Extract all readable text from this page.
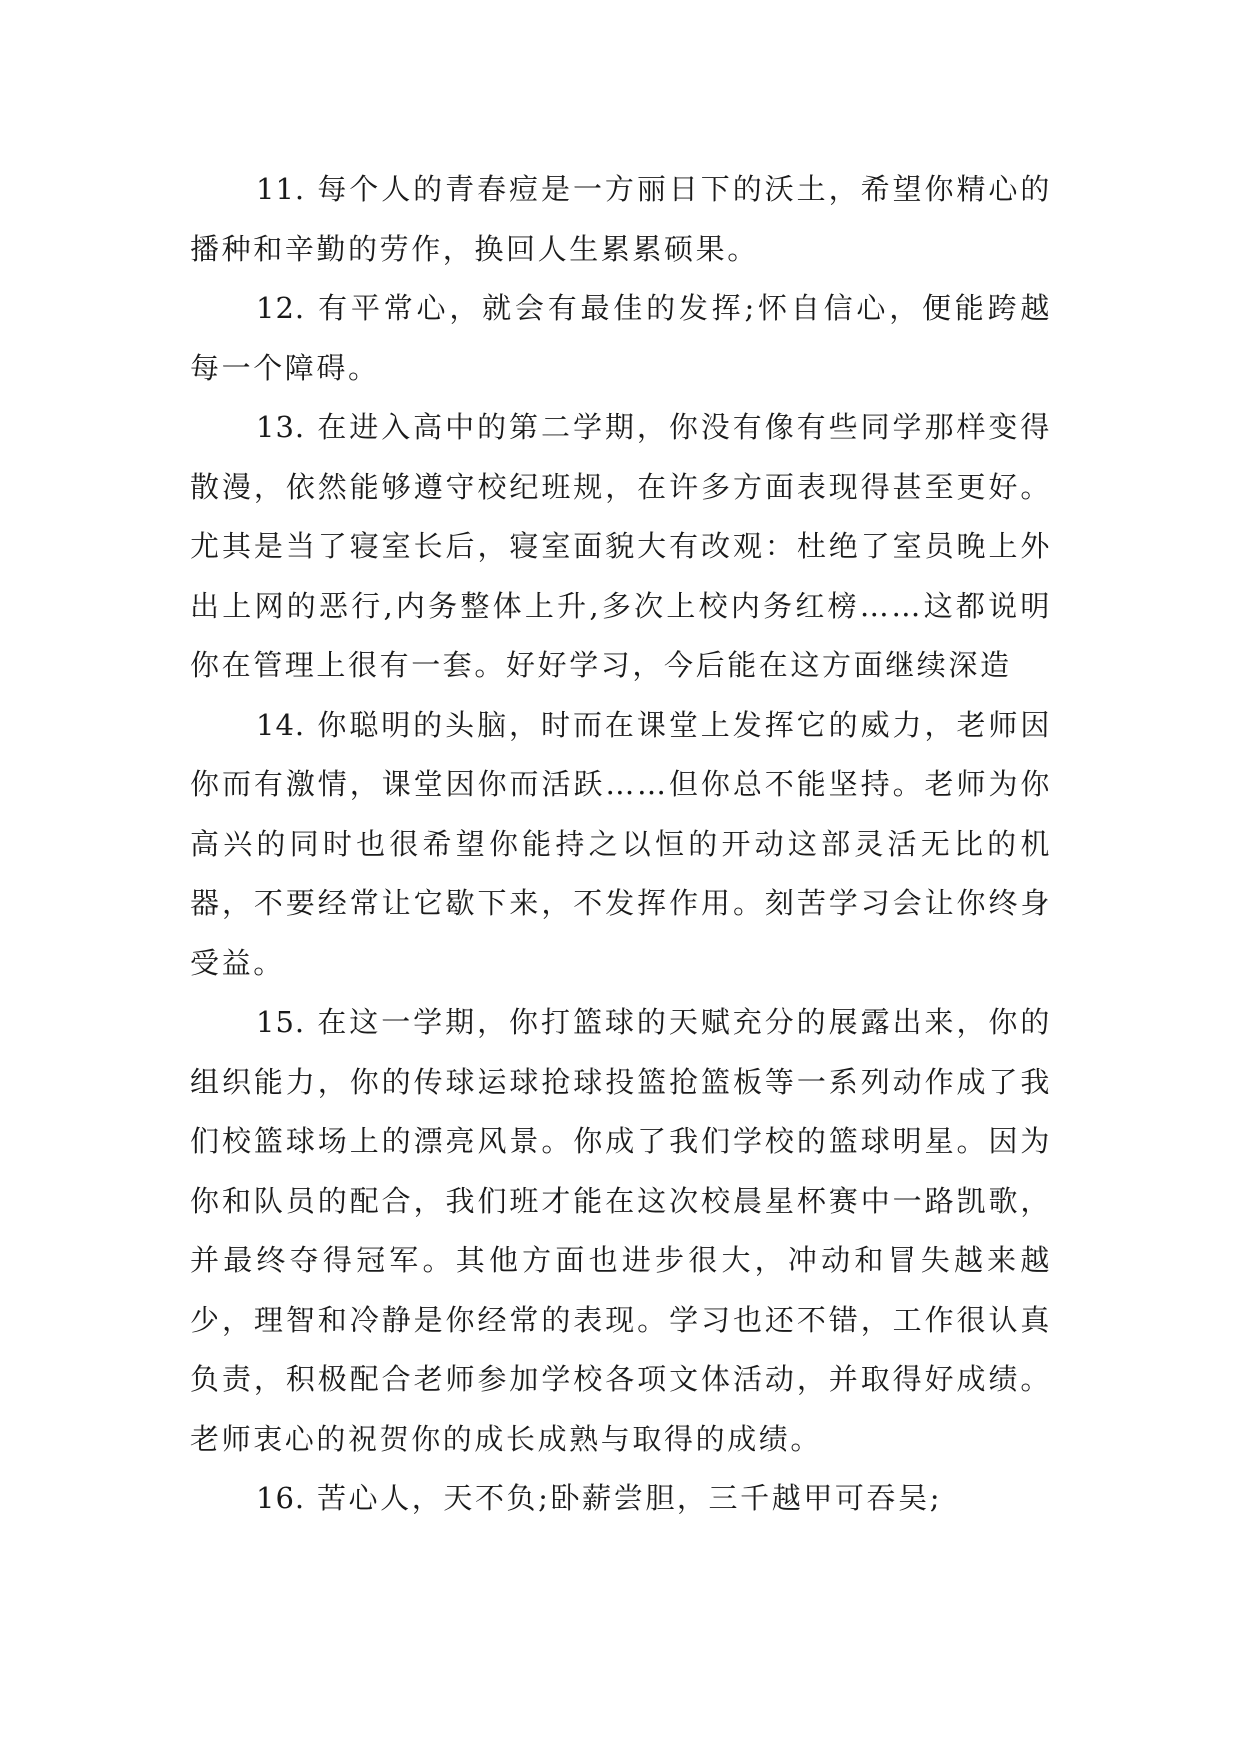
11. 每个人的青春痘是一方丽日下的沃土，希望你精心的播种和辛勤的劳作，换回人生累累硕果。

12. 有平常心，就会有最佳的发挥;怀自信心，便能跨越每一个障碍。

13. 在进入高中的第二学期，你没有像有些同学那样变得散漫，依然能够遵守校纪班规，在许多方面表现得甚至更好。尤其是当了寝室长后，寝室面貌大有改观：杜绝了室员晚上外出上网的恶行,内务整体上升,多次上校内务红榜……这都说明你在管理上很有一套。好好学习，今后能在这方面继续深造

14. 你聪明的头脑，时而在课堂上发挥它的威力，老师因你而有激情，课堂因你而活跃……但你总不能坚持。老师为你高兴的同时也很希望你能持之以恒的开动这部灵活无比的机器，不要经常让它歇下来，不发挥作用。刻苦学习会让你终身受益。

15. 在这一学期，你打篮球的天赋充分的展露出来，你的组织能力，你的传球运球抢球投篮抢篮板等一系列动作成了我们校篮球场上的漂亮风景。你成了我们学校的篮球明星。因为你和队员的配合，我们班才能在这次校晨星杯赛中一路凯歌，并最终夺得冠军。其他方面也进步很大，冲动和冒失越来越少，理智和冷静是你经常的表现。学习也还不错，工作很认真负责，积极配合老师参加学校各项文体活动，并取得好成绩。老师衷心的祝贺你的成长成熟与取得的成绩。

16. 苦心人，天不负;卧薪尝胆，三千越甲可吞吴;
